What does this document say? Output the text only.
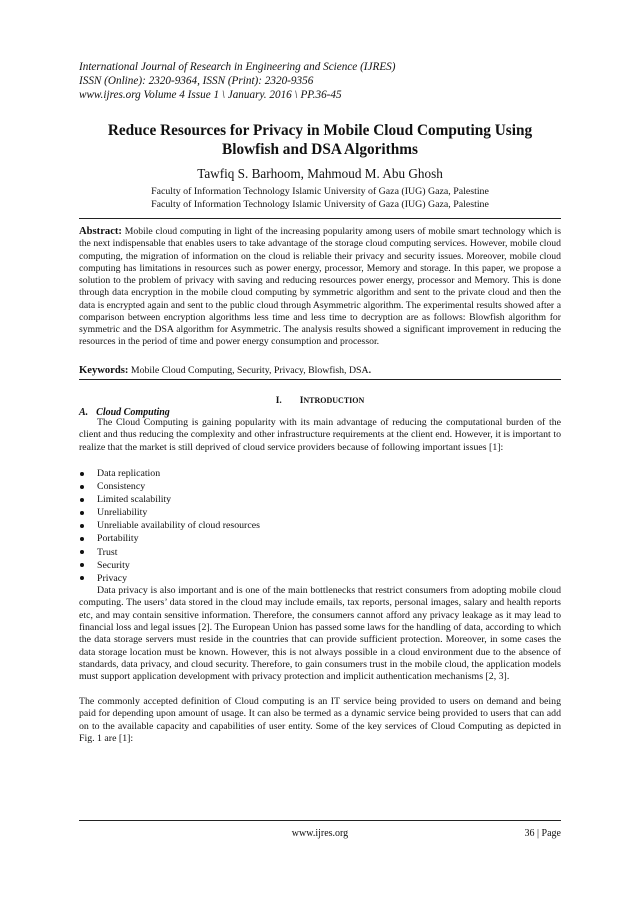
International Journal of Research in Engineering and Science (IJRES)
ISSN (Online): 2320-9364, ISSN (Print): 2320-9356
www.ijres.org Volume 4 Issue 1 \ January. 2016 \ PP.36-45
Reduce Resources for Privacy in Mobile Cloud Computing Using
Blowfish and DSA Algorithms
Tawfiq S. Barhoom, Mahmoud M. Abu Ghosh
Faculty of Information Technology Islamic University of Gaza (IUG) Gaza, Palestine
Faculty of Information Technology Islamic University of Gaza (IUG) Gaza, Palestine
Abstract: Mobile cloud computing in light of the increasing popularity among users of mobile smart technology which is the next indispensable that enables users to take advantage of the storage cloud computing services. However, mobile cloud computing, the migration of information on the cloud is reliable their privacy and security issues. Moreover, mobile cloud computing has limitations in resources such as power energy, processor, Memory and storage. In this paper, we propose a solution to the problem of privacy with saving and reducing resources power energy, processor and Memory. This is done through data encryption in the mobile cloud computing by symmetric algorithm and sent to the private cloud and then the data is encrypted again and sent to the public cloud through Asymmetric algorithm. The experimental results showed after a comparison between encryption algorithms less time and less time to decryption are as follows: Blowfish algorithm for symmetric and the DSA algorithm for Asymmetric. The analysis results showed a significant improvement in reducing the resources in the period of time and power energy consumption and processor.
Keywords: Mobile Cloud Computing, Security, Privacy, Blowfish, DSA.
I. INTRODUCTION
A. Cloud Computing
The Cloud Computing is gaining popularity with its main advantage of reducing the computational burden of the client and thus reducing the complexity and other infrastructure requirements at the client end. However, it is important to realize that the market is still deprived of cloud service providers because of following important issues [1]:
Data replication
Consistency
Limited scalability
Unreliability
Unreliable availability of cloud resources
Portability
Trust
Security
Privacy
Data privacy is also important and is one of the main bottlenecks that restrict consumers from adopting mobile cloud computing. The users’ data stored in the cloud may include emails, tax reports, personal images, salary and health reports etc, and may contain sensitive information. Therefore, the consumers cannot afford any privacy leakage as it may lead to financial loss and legal issues [2]. The European Union has passed some laws for the handling of data, according to which the data storage servers must reside in the countries that can provide sufficient protection. Moreover, in some cases the data storage location must be known. However, this is not always possible in a cloud environment due to the absence of standards, data privacy, and cloud security. Therefore, to gain consumers trust in the mobile cloud, the application models must support application development with privacy protection and implicit authentication mechanisms [2, 3].
The commonly accepted definition of Cloud computing is an IT service being provided to users on demand and being paid for depending upon amount of usage. It can also be termed as a dynamic service being provided to users that can add on to the available capacity and capabilities of user entity. Some of the key services of Cloud Computing as depicted in Fig. 1 are [1]:
www.ijres.org	36 | Page
